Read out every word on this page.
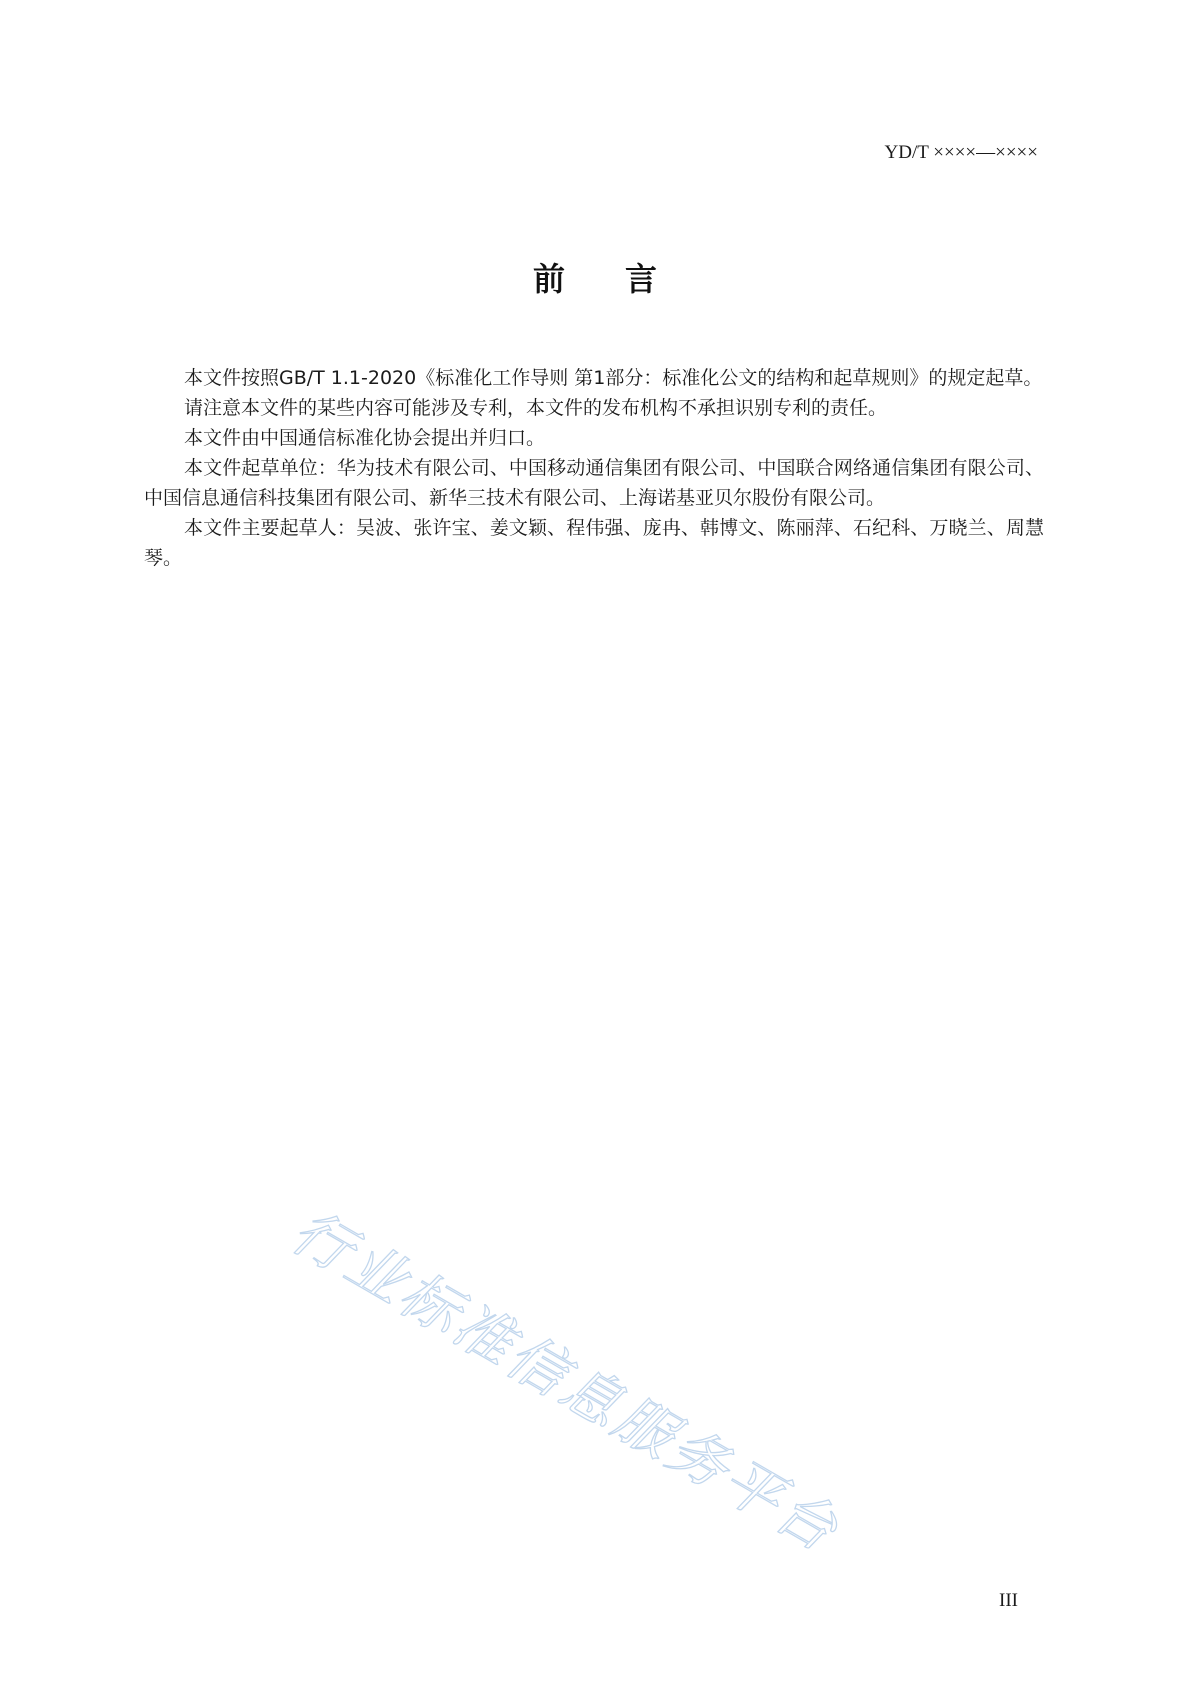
YD/T ××××—××××
前言

本文件按照GB/T 1.1-2020《标准化工作导则 第1部分：标准化公文的结构和起草规则》的规定起草。

请注意本文件的某些内容可能涉及专利，本文件的发布机构不承担识别专利的责任。

本文件由中国通信标准化协会提出并归口。

本文件起草单位：华为技术有限公司、中国移动通信集团有限公司、中国联合网络通信集团有限公司、中国信息通信科技集团有限公司、新华三技术有限公司、上海诺基亚贝尔股份有限公司。

本文件主要起草人：吴波、张许宝、姜文颖、程伟强、庞冉、韩博文、陈丽萍、石纪科、万晓兰、周慧琴。

行业标准信息服务平台
III
